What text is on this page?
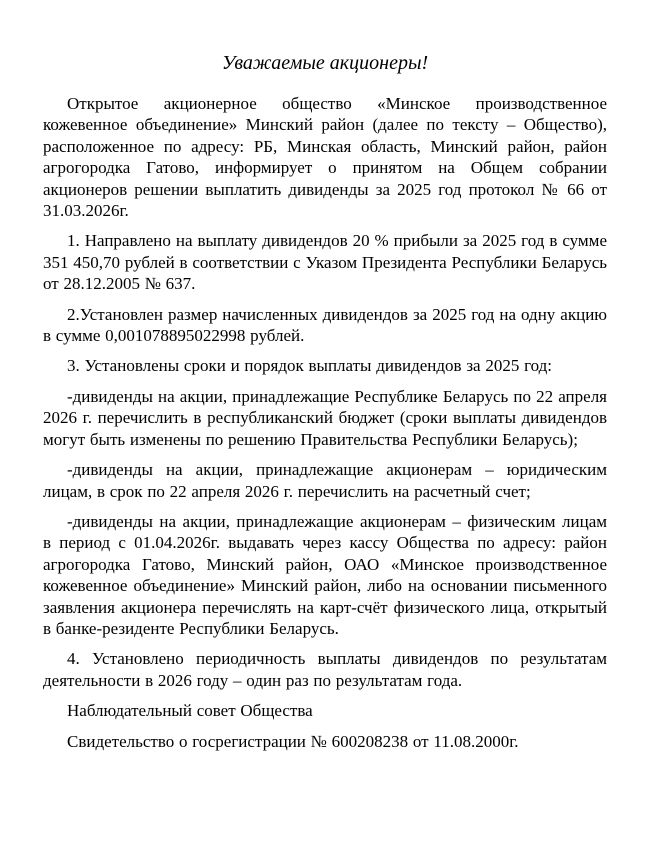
Уважаемые акционеры!

Открытое акционерное общество «Минское производственное кожевенное объединение» Минский район (далее по тексту – Общество), расположенное по адресу: РБ, Минская область, Минский район, район агрогородка Гатово, информирует о принятом на Общем собрании акционеров решении выплатить дивиденды за 2025 год протокол № 66 от 31.03.2026г.

1. Направлено на выплату дивидендов 20 % прибыли за 2025 год в сумме 351 450,70 рублей в соответствии с Указом Президента Республики Беларусь от 28.12.2005 № 637.

2.Установлен размер начисленных дивидендов за 2025 год на одну акцию в сумме 0,001078895022998 рублей.

3. Установлены сроки и порядок выплаты дивидендов за 2025 год:

-дивиденды на акции, принадлежащие Республике Беларусь по 22 апреля 2026 г. перечислить в республиканский бюджет (сроки выплаты дивидендов могут быть изменены по решению Правительства Республики Беларусь);

-дивиденды на акции, принадлежащие акционерам – юридическим лицам, в срок по 22 апреля 2026 г. перечислить на расчетный счет;

-дивиденды на акции, принадлежащие акционерам – физическим лицам в период с 01.04.2026г. выдавать через кассу Общества по адресу: район агрогородка Гатово, Минский район, ОАО «Минское производственное кожевенное объединение» Минский район, либо на основании письменного заявления акционера перечислять на карт-счёт физического лица, открытый в банке-резиденте Республики Беларусь.

4. Установлено периодичность выплаты дивидендов по результатам деятельности в 2026 году – один раз по результатам года.

Наблюдательный совет Общества

Свидетельство о госрегистрации № 600208238 от 11.08.2000г.
